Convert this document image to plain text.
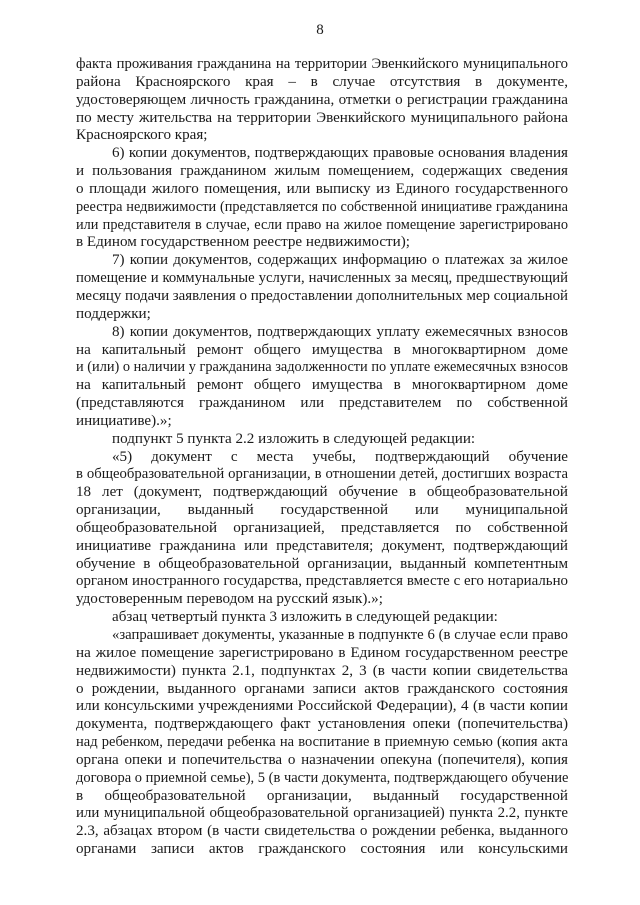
8
факта проживания гражданина на территории Эвенкийского муниципального
района Красноярского края – в случае отсутствия в документе,
удостоверяющем личность гражданина, отметки о регистрации гражданина
по месту жительства на территории Эвенкийского муниципального района
Красноярского края;
6) копии документов, подтверждающих правовые основания владения
и пользования гражданином жилым помещением, содержащих сведения
о площади жилого помещения, или выписку из Единого государственного
реестра недвижимости (представляется по собственной инициативе гражданина
или представителя в случае, если право на жилое помещение зарегистрировано
в Едином государственном реестре недвижимости);
7) копии документов, содержащих информацию о платежах за жилое
помещение и коммунальные услуги, начисленных за месяц, предшествующий
месяцу подачи заявления о предоставлении дополнительных мер социальной
поддержки;
8) копии документов, подтверждающих уплату ежемесячных взносов
на капитальный ремонт общего имущества в многоквартирном доме
и (или) о наличии у гражданина задолженности по уплате ежемесячных взносов
на капитальный ремонт общего имущества в многоквартирном доме
(представляются гражданином или представителем по собственной
инициативе).»;
подпункт 5 пункта 2.2 изложить в следующей редакции:
«5) документ с места учебы, подтверждающий обучение
в общеобразовательной организации, в отношении детей, достигших возраста
18 лет (документ, подтверждающий обучение в общеобразовательной
организации, выданный государственной или муниципальной
общеобразовательной организацией, представляется по собственной
инициативе гражданина или представителя; документ, подтверждающий
обучение в общеобразовательной организации, выданный компетентным
органом иностранного государства, представляется вместе с его нотариально
удостоверенным переводом на русский язык).»;
абзац четвертый пункта 3 изложить в следующей редакции:
«запрашивает документы, указанные в подпункте 6 (в случае если право
на жилое помещение зарегистрировано в Едином государственном реестре
недвижимости) пункта 2.1, подпунктах 2, 3 (в части копии свидетельства
о рождении, выданного органами записи актов гражданского состояния
или консульскими учреждениями Российской Федерации), 4 (в части копии
документа, подтверждающего факт установления опеки (попечительства)
над ребенком, передачи ребенка на воспитание в приемную семью (копия акта
органа опеки и попечительства о назначении опекуна (попечителя), копия
договора о приемной семье), 5 (в части документа, подтверждающего обучение
в общеобразовательной организации, выданный государственной
или муниципальной общеобразовательной организацией) пункта 2.2, пункте
2.3, абзацах втором (в части свидетельства о рождении ребенка, выданного
органами записи актов гражданского состояния или консульскими
